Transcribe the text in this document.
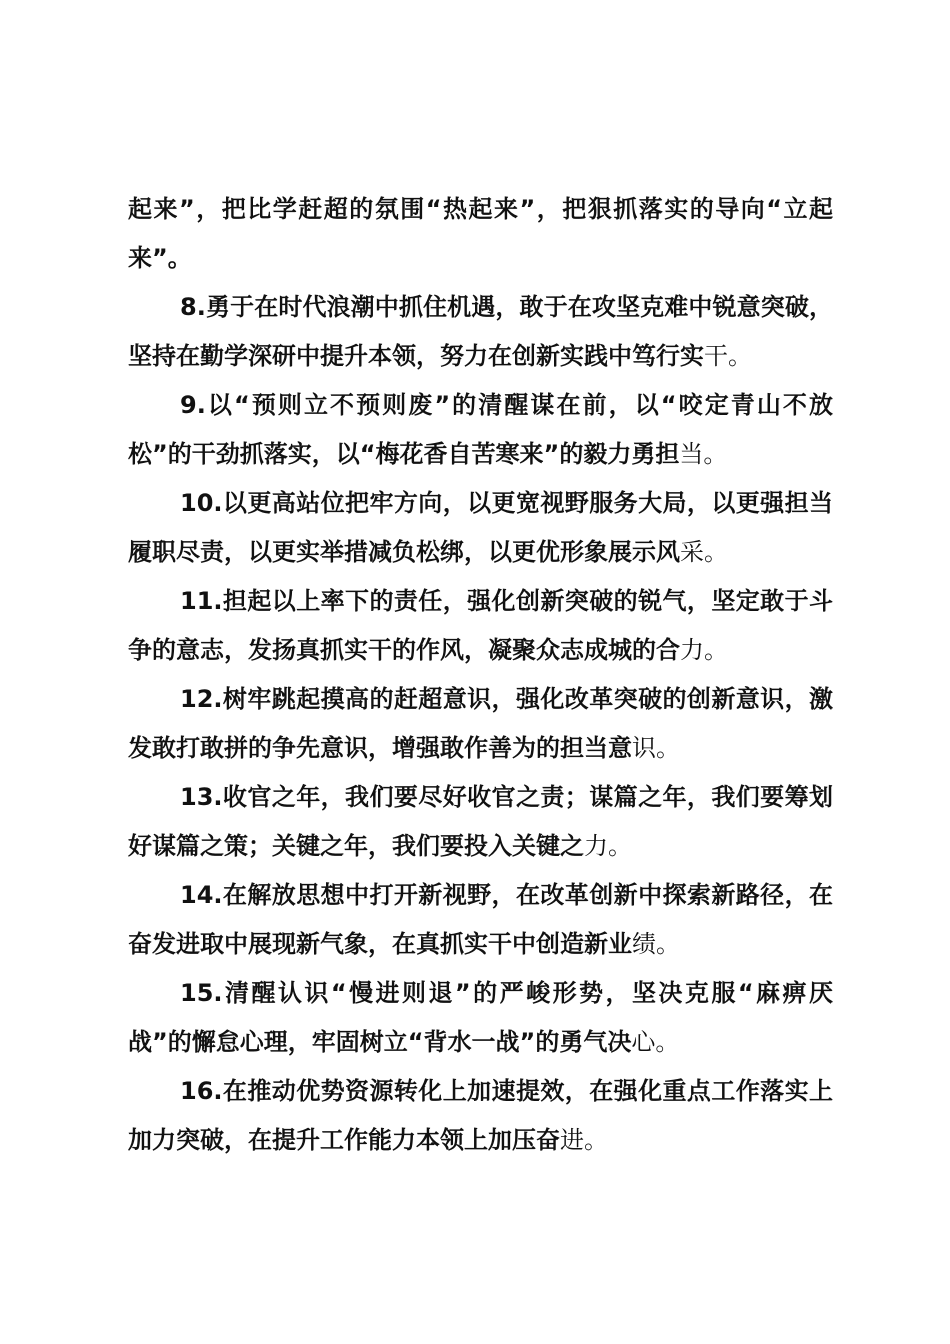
起来”，把比学赶超的氛围“热起来”，把狠抓落实的导向“立起来”。

8.勇于在时代浪潮中抓住机遇，敢于在攻坚克难中锐意突破，坚持在勤学深研中提升本领，努力在创新实践中笃行实干。

9.以“预则立不预则废”的清醒谋在前，以“咬定青山不放松”的干劲抓落实，以“梅花香自苦寒来”的毅力勇担当。

10.以更高站位把牢方向，以更宽视野服务大局，以更强担当履职尽责，以更实举措减负松绑，以更优形象展示风采。

11.担起以上率下的责任，强化创新突破的锐气，坚定敢于斗争的意志，发扬真抓实干的作风，凝聚众志成城的合力。

12.树牢跳起摸高的赶超意识，强化改革突破的创新意识，激发敢打敢拼的争先意识，增强敢作善为的担当意识。

13.收官之年，我们要尽好收官之责；谋篇之年，我们要筹划好谋篇之策；关键之年，我们要投入关键之力。

14.在解放思想中打开新视野，在改革创新中探索新路径，在奋发进取中展现新气象，在真抓实干中创造新业绩。

15.清醒认识“慢进则退”的严峻形势，坚决克服“麻痹厌战”的懈怠心理，牢固树立“背水一战”的勇气决心。

16.在推动优势资源转化上加速提效，在强化重点工作落实上加力突破，在提升工作能力本领上加压奋进。
